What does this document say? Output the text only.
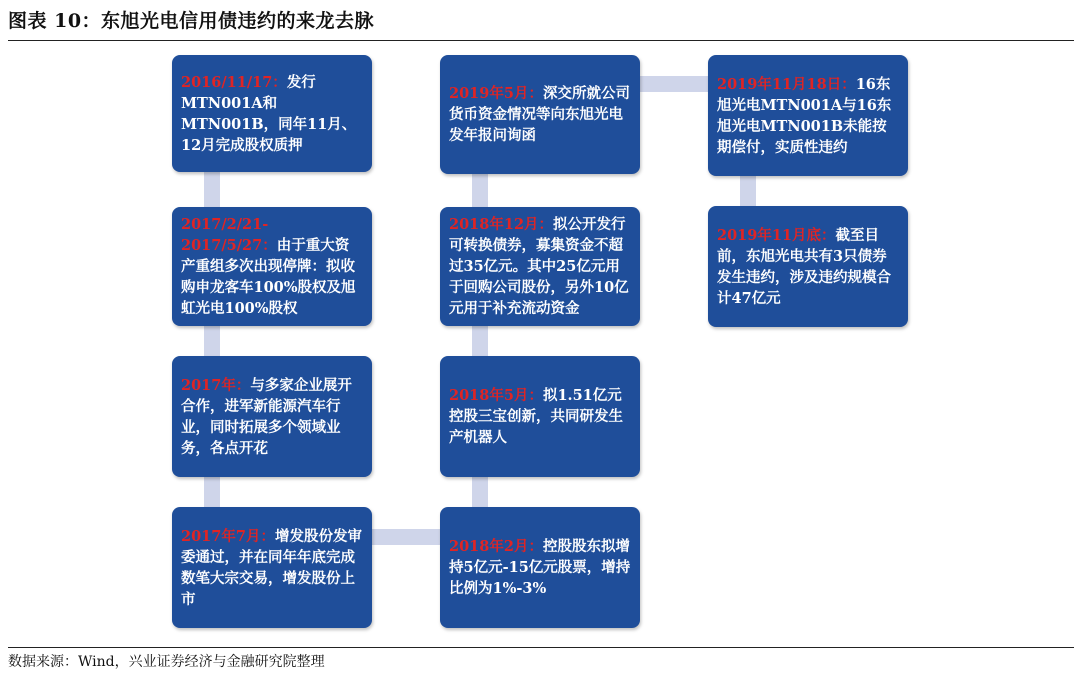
图表 10：东旭光电信用债违约的来龙去脉

2016/11/17：发行MTN001A和MTN001B，同年11月、12月完成股权质押

2017/2/21-2017/5/27：由于重大资产重组多次出现停牌：拟收购申龙客车100%股权及旭虹光电100%股权

2017年：与多家企业展开合作，进军新能源汽车行业，同时拓展多个领域业务，各点开花

2017年7月：增发股份发审委通过，并在同年年底完成数笔大宗交易，增发股份上市

2018年2月：控股股东拟增持5亿元-15亿元股票，增持比例为1%-3%

2018年5月：拟1.51亿元控股三宝创新，共同研发生产机器人

2018年12月：拟公开发行可转换债券，募集资金不超过35亿元。其中25亿元用于回购公司股份，另外10亿元用于补充流动资金

2019年5月：深交所就公司货币资金情况等向东旭光电发年报问询函

2019年11月18日：16东旭光电MTN001A与16东旭光电MTN001B未能按期偿付，实质性违约

2019年11月底：截至目前，东旭光电共有3只债券发生违约，涉及违约规模合计47亿元

数据来源：Wind，兴业证券经济与金融研究院整理
